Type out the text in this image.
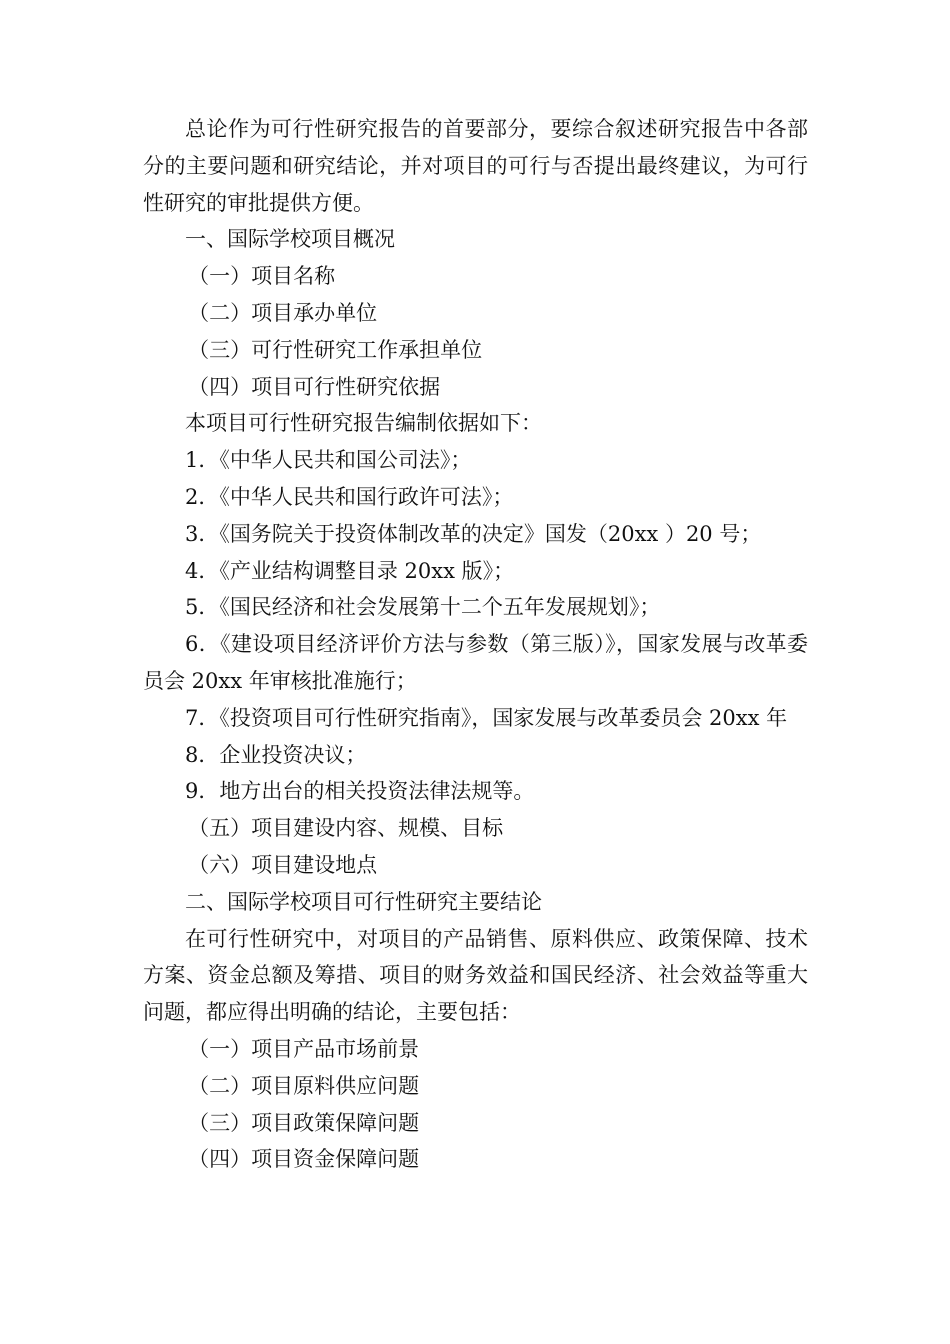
总论作为可行性研究报告的首要部分，要综合叙述研究报告中各部分的主要问题和研究结论，并对项目的可行与否提出最终建议，为可行性研究的审批提供方便。

一、国际学校项目概况

（一）项目名称

（二）项目承办单位

（三）可行性研究工作承担单位

（四）项目可行性研究依据

本项目可行性研究报告编制依据如下：

1．《中华人民共和国公司法》；

2．《中华人民共和国行政许可法》；

3．《国务院关于投资体制改革的决定》国发（20xx ）20 号；

4．《产业结构调整目录 20xx 版》；

5．《国民经济和社会发展第十二个五年发展规划》；

6．《建设项目经济评价方法与参数（第三版）》，国家发展与改革委员会 20xx 年审核批准施行；

7．《投资项目可行性研究指南》，国家发展与改革委员会 20xx 年

8．企业投资决议；

9．地方出台的相关投资法律法规等。

（五）项目建设内容、规模、目标

（六）项目建设地点

二、国际学校项目可行性研究主要结论

在可行性研究中，对项目的产品销售、原料供应、政策保障、技术方案、资金总额及筹措、项目的财务效益和国民经济、社会效益等重大问题，都应得出明确的结论，主要包括：

（一）项目产品市场前景

（二）项目原料供应问题

（三）项目政策保障问题

（四）项目资金保障问题
